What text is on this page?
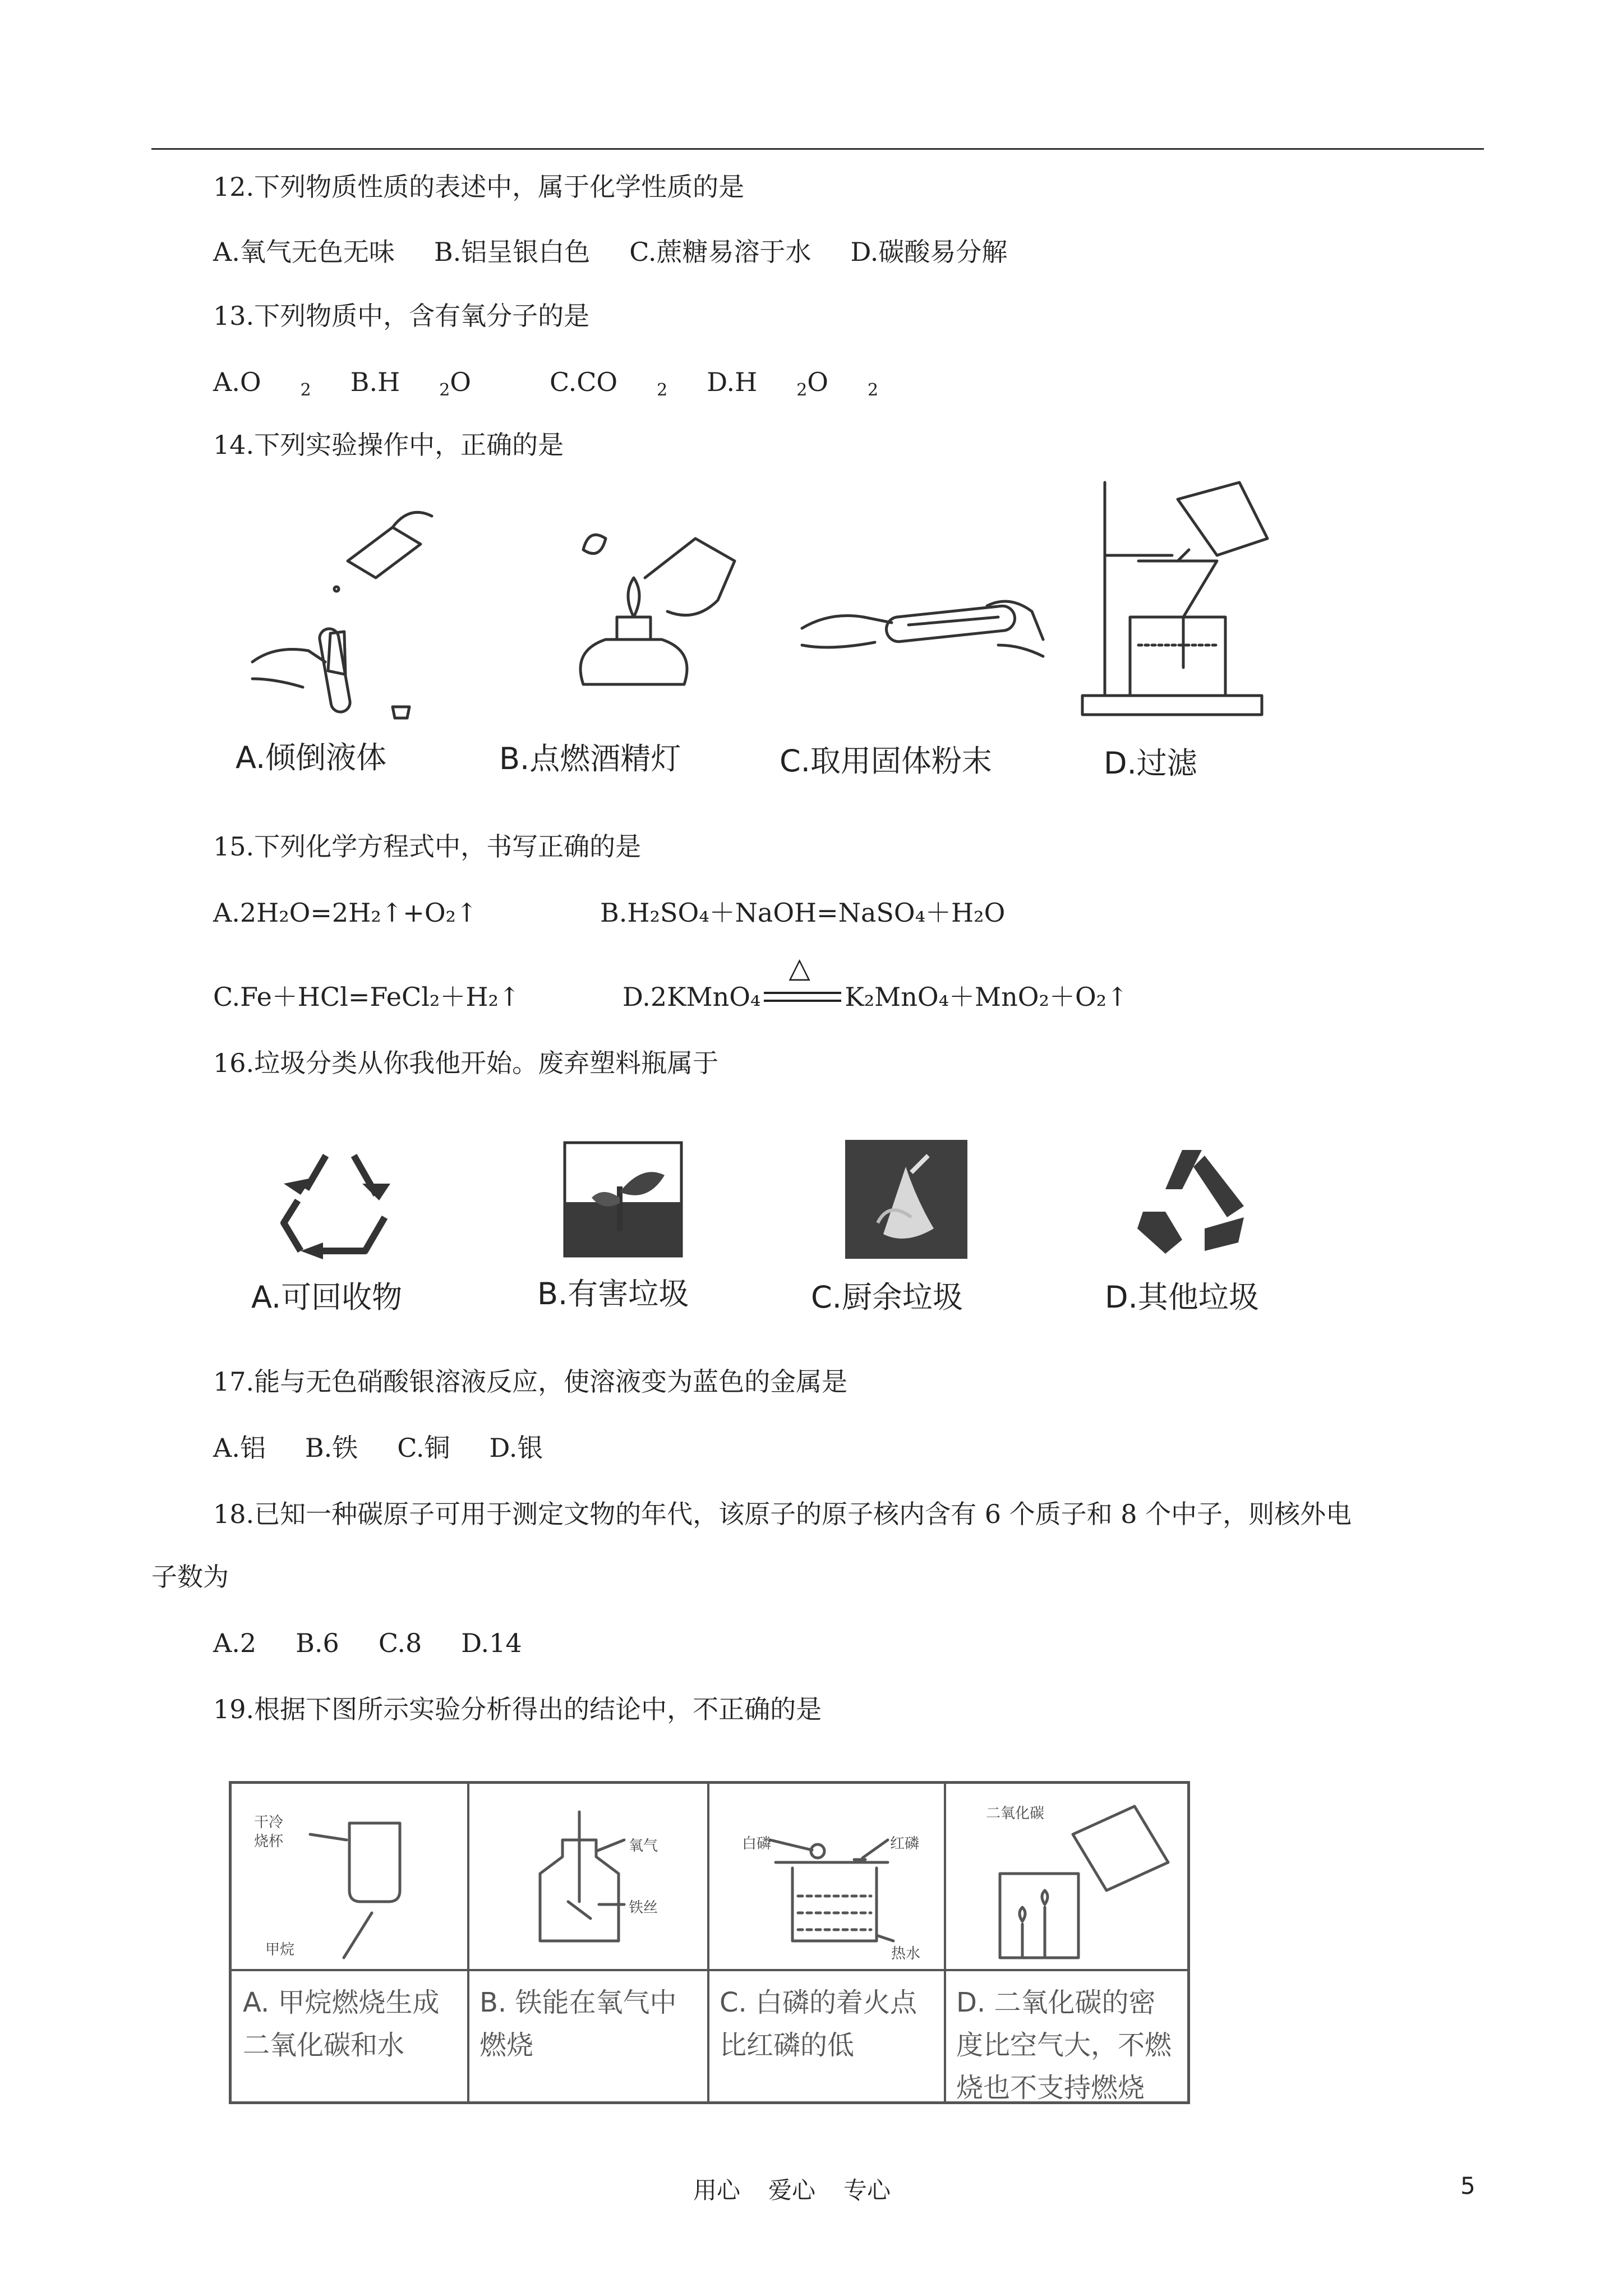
12.下列物质性质的表述中，属于化学性质的是
A.氧气无色无味 B.铝呈银白色 C.蔗糖易溶于水 D.碳酸易分解
13.下列物质中，含有氧分子的是
A.O $_2$ B.H $_2$O	C.CO $_2$ D.H $_2$O $_2$
14.下列实验操作中，正确的是
A.倾倒液体	B.点燃酒精灯	C.取用固体粉末	D.过滤
15.下列化学方程式中，书写正确的是
A.2H₂O=2H₂↑+O₂↑	B.H₂SO₄＋NaOH=NaSO₄＋H₂O
C.Fe＋HCl=FeCl₂＋H₂↑	D.2KMnO₄
△
K₂MnO₄＋MnO₂＋O₂↑
16.垃圾分类从你我他开始。废弃塑料瓶属于
A.可回收物	B.有害垃圾	C.厨余垃圾	D.其他垃圾
17.能与无色硝酸银溶液反应，使溶液变为蓝色的金属是
A.铝 B.铁 C.铜 D.银
18.已知一种碳原子可用于测定文物的年代，该原子的原子核内含有 6 个质子和 8 个中子，则核外电
子数为
A.2 B.6 C.8 D.14
19.根据下图所示实验分析得出的结论中，不正确的是
干冷
烧杯
甲烷
氧气
铁丝
白磷	红磷
热水
二氧化碳
A. 甲烷燃烧生成二氧化碳和水
B. 铁能在氧气中燃烧
C. 白磷的着火点比红磷的低
D. 二氧化碳的密度比空气大，不燃烧也不支持燃烧
用心 爱心 专心	5
